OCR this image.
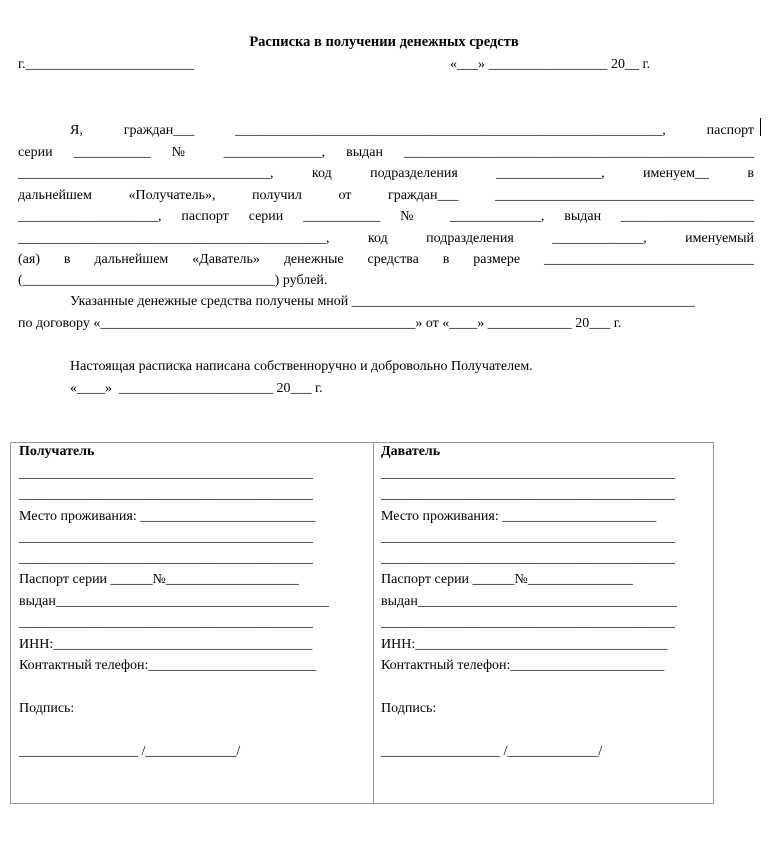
Расписка в получении денежных средств
г.________________________	«___» _________________ 20__ г.
Я,	граждан___	_____________________________________________________________,	паспорт
серии ___________ № ______________, выдан __________________________________________________
____________________________________,	код	подразделения	_______________,	именуем__	в
дальнейшем	«Получатель»,	получил	от	граждан___	_____________________________________
____________________, паспорт серии ___________ № _____________, выдан ___________________
____________________________________________,	код	подразделения	_____________,	именуемый
(ая) в дальнейшем «Даватель» денежные средства в размере ______________________________
(____________________________________) рублей.
Указанные денежные средства получены мной _________________________________________________
по договору «_____________________________________________» от «____» ____________ 20___ г.
Настоящая расписка написана собственноручно и добровольно Получателем.
«____»  ______________________ 20___ г.
Получатель
__________________________________________
__________________________________________
Место проживания: _________________________
__________________________________________
__________________________________________
Паспорт серии ______№___________________
выдан_______________________________________
__________________________________________
ИНН:_____________________________________
Контактный телефон:________________________
Подпись:
_________________ /_____________/
Даватель
__________________________________________
__________________________________________
Место проживания: ______________________
__________________________________________
__________________________________________
Паспорт серии ______№_______________
выдан_____________________________________
__________________________________________
ИНН:____________________________________
Контактный телефон:______________________
Подпись:
_________________ /_____________/
